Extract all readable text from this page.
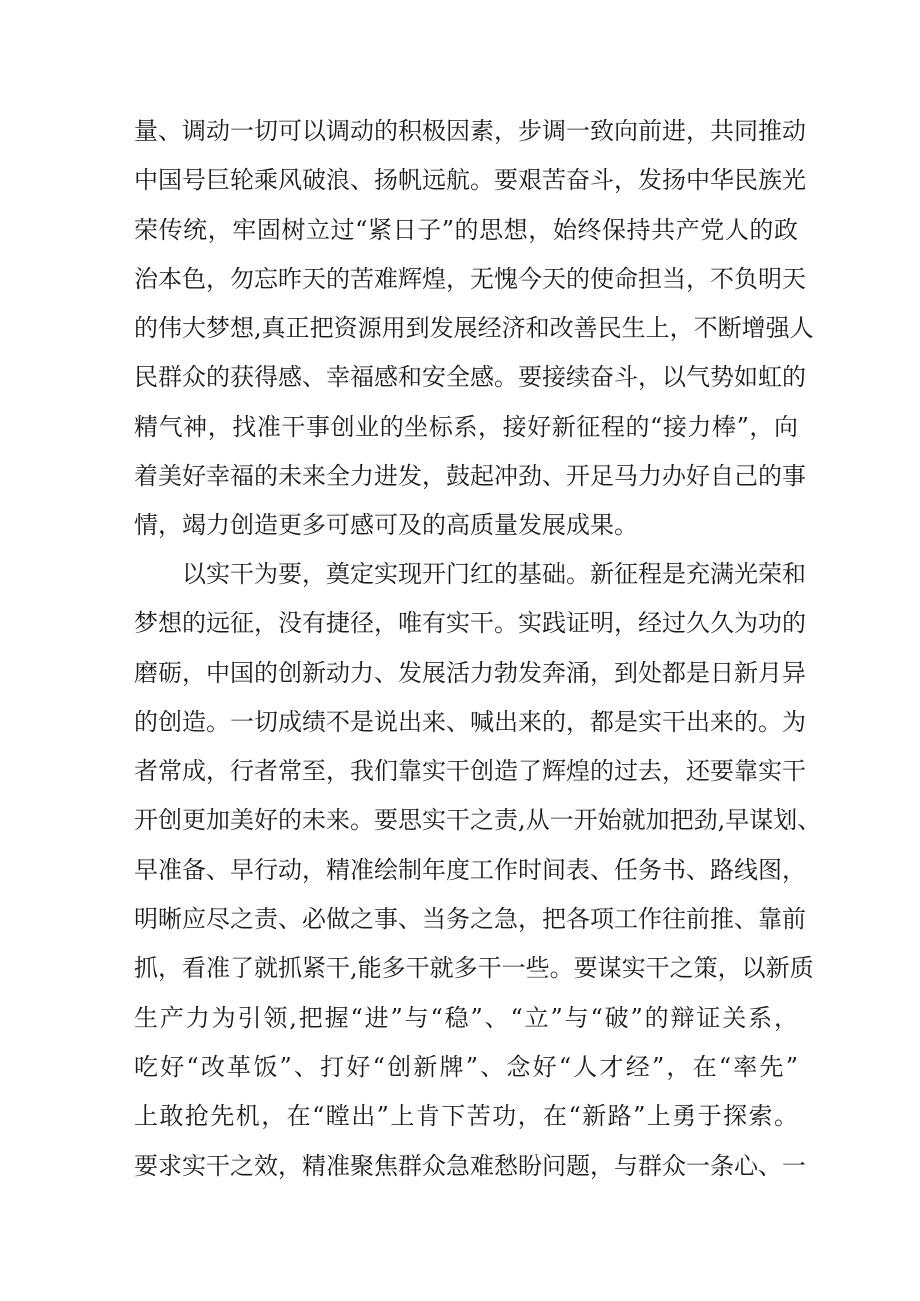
量、调动一切可以调动的积极因素，步调一致向前进，共同推动
中国号巨轮乘风破浪、扬帆远航。要艰苦奋斗，发扬中华民族光
荣传统，牢固树立过“紧日子”的思想，始终保持共产党人的政
治本色，勿忘昨天的苦难辉煌，无愧今天的使命担当，不负明天
的伟大梦想,真正把资源用到发展经济和改善民生上，不断增强人
民群众的获得感、幸福感和安全感。要接续奋斗，以气势如虹的
精气神，找准干事创业的坐标系，接好新征程的“接力棒”，向
着美好幸福的未来全力进发，鼓起冲劲、开足马力办好自己的事
情，竭力创造更多可感可及的高质量发展成果。
以实干为要，奠定实现开门红的基础。新征程是充满光荣和
梦想的远征，没有捷径，唯有实干。实践证明，经过久久为功的
磨砺，中国的创新动力、发展活力勃发奔涌，到处都是日新月异
的创造。一切成绩不是说出来、喊出来的，都是实干出来的。为
者常成，行者常至，我们靠实干创造了辉煌的过去，还要靠实干
开创更加美好的未来。要思实干之责,从一开始就加把劲,早谋划、
早准备、早行动，精准绘制年度工作时间表、任务书、路线图，
明晰应尽之责、必做之事、当务之急，把各项工作往前推、靠前
抓，看准了就抓紧干,能多干就多干一些。要谋实干之策，以新质
生产力为引领,把握“进”与“稳”、“立”与“破”的辩证关系，
吃好“改革饭”、打好“创新牌”、念好“人才经”，在“率先”
上敢抢先机，在“瞠出”上肯下苦功，在“新路”上勇于探索。
要求实干之效，精准聚焦群众急难愁盼问题，与群众一条心、一
